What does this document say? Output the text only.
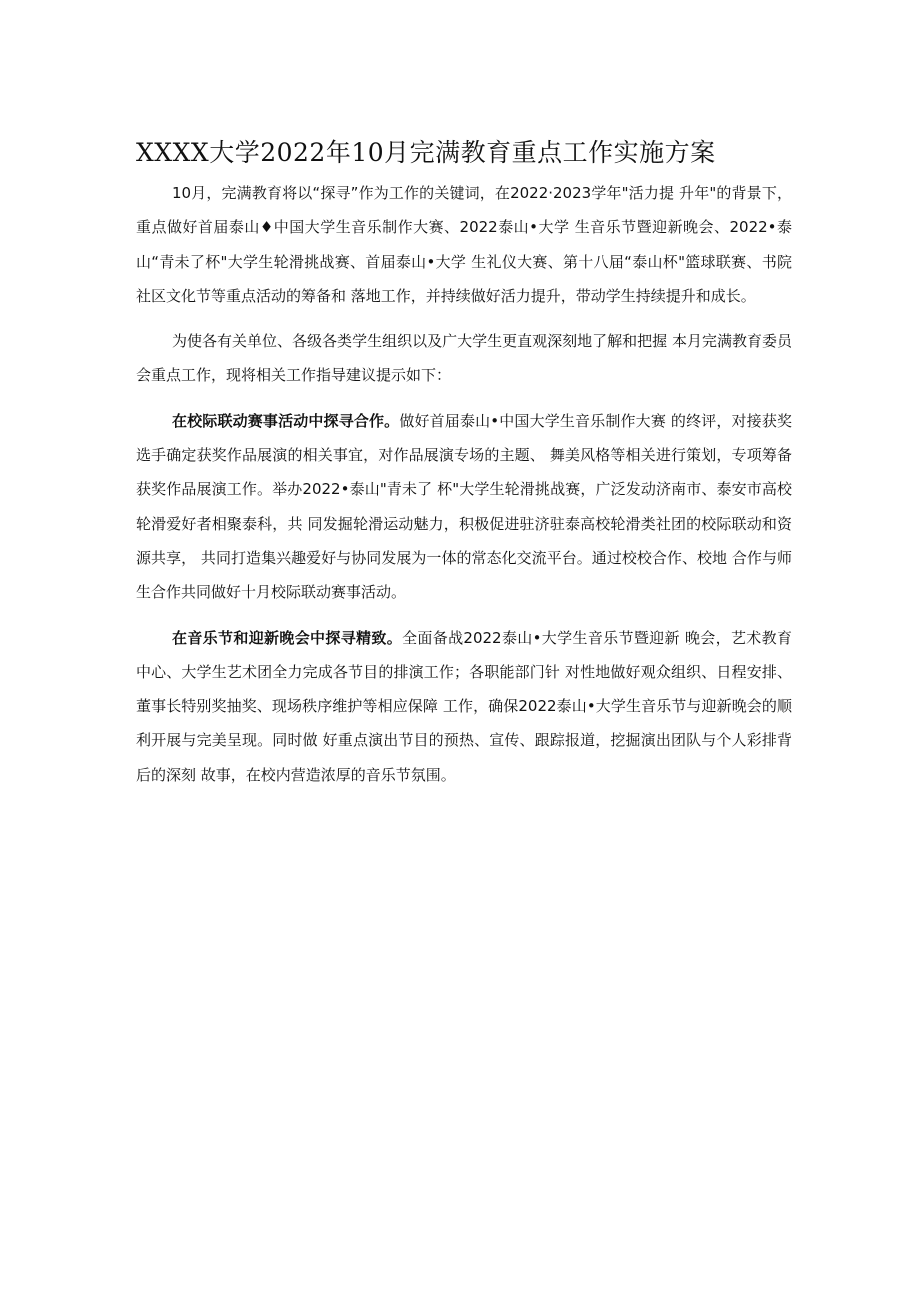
XXXX大学2022年10月完满教育重点工作实施方案

10月，完满教育将以“探寻”作为工作的关键词，在2022·2023学年"活力提 升年"的背景下，重点做好首届泰山♦中国大学生音乐制作大赛、2022泰山•大学 生音乐节暨迎新晚会、2022•泰山“青未了杯"大学生轮滑挑战赛、首届泰山•大学 生礼仪大赛、第十八届“泰山杯"篮球联赛、书院社区文化节等重点活动的筹备和 落地工作，并持续做好活力提升，带动学生持续提升和成长。

为使各有关单位、各级各类学生组织以及广大学生更直观深刻地了解和把握 本月完满教育委员会重点工作，现将相关工作指导建议提示如下：

在校际联动赛事活动中探寻合作。做好首届泰山•中国大学生音乐制作大赛 的终评，对接获奖选手确定获奖作品展演的相关事宜，对作品展演专场的主题、 舞美风格等相关进行策划，专项筹备获奖作品展演工作。举办2022•泰山"青未了 杯"大学生轮滑挑战赛，广泛发动济南市、泰安市高校轮滑爱好者相聚泰科，共 同发掘轮滑运动魅力，积极促进驻济驻泰高校轮滑类社团的校际联动和资源共享， 共同打造集兴趣爱好与协同发展为一体的常态化交流平台。通过校校合作、校地 合作与师生合作共同做好十月校际联动赛事活动。

在音乐节和迎新晚会中探寻精致。全面备战2022泰山•大学生音乐节暨迎新 晚会，艺术教育中心、大学生艺术团全力完成各节目的排演工作；各职能部门针 对性地做好观众组织、日程安排、董事长特别奖抽奖、现场秩序维护等相应保障 工作，确保2022泰山•大学生音乐节与迎新晚会的顺利开展与完美呈现。同时做 好重点演出节目的预热、宣传、跟踪报道，挖掘演出团队与个人彩排背后的深刻 故事，在校内营造浓厚的音乐节氛围。
